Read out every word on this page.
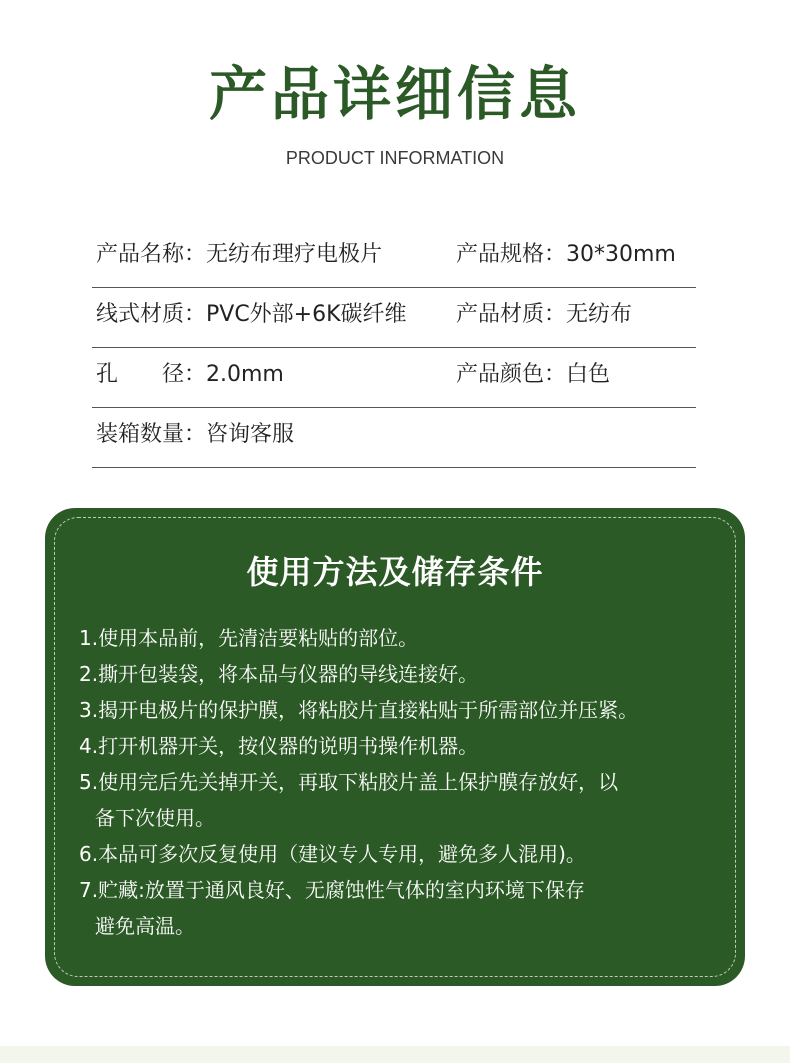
产品详细信息
PRODUCT INFORMATION
产品名称：无纺布理疗电极片	产品规格：30*30mm
线式材质：PVC外部+6K碳纤维 产品材质：无纺布
孔　　径：2.0mm	产品颜色：白色
装箱数量：咨询客服
使用方法及储存条件
1.使用本品前，先清洁要粘贴的部位。
2.撕开包装袋，将本品与仪器的导线连接好。
3.揭开电极片的保护膜，将粘胶片直接粘贴于所需部位并压紧。
4.打开机器开关，按仪器的说明书操作机器。
5.使用完后先关掉开关，再取下粘胶片盖上保护膜存放好，以
备下次使用。
6.本品可多次反复使用（建议专人专用，避免多人混用)。
7.贮藏:放置于通风良好、无腐蚀性气体的室内环境下保存
避免高温。
